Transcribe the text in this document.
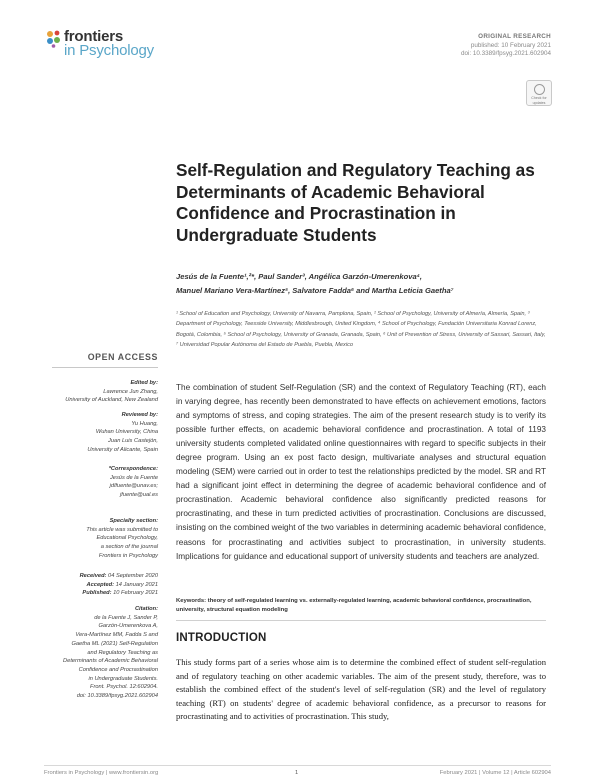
frontiers
in Psychology
ORIGINAL RESEARCH
published: 10 February 2021
doi: 10.3389/fpsyg.2021.602904
Check for
updates
Self-Regulation and Regulatory Teaching as Determinants of Academic Behavioral Confidence and Procrastination in Undergraduate Students
Jesús de la Fuente¹,²*, Paul Sander³, Angélica Garzón-Umerenkova⁴,
Manuel Mariano Vera-Martínez⁵, Salvatore Fadda⁶ and Martha Leticia Gaetha⁷
¹ School of Education and Psychology, University of Navarra, Pamplona, Spain, ² School of Psychology, University of Almería, Almería, Spain, ³ Department of Psychology, Teesside University, Middlesbrough, United Kingdom, ⁴ School of Psychology, Fundación Universitaria Konrad Lorenz, Bogotá, Colombia, ⁵ School of Psychology, University of Granada, Granada, Spain, ⁶ Unit of Prevention of Stress, University of Sassari, Sassari, Italy, ⁷ Universidad Popular Autónoma del Estado de Puebla, Puebla, Mexico
OPEN ACCESS
Edited by:
Lawrence Jun Zhang,
University of Auckland, New Zealand
Reviewed by:
Yu Huang,
Wuhan University, China
Juan Luis Castejón,
University of Alicante, Spain
*Correspondence:
Jesús de la Fuente
jdlfuente@unav.es;
jfuente@ual.es
Specialty section:
This article was submitted to
Educational Psychology,
a section of the journal
Frontiers in Psychology
Received: 04 September 2020
Accepted: 14 January 2021
Published: 10 February 2021
Citation:
de la Fuente J, Sander P,
Garzón-Umerenkova A,
Vera-Martínez MM, Fadda S and
Gaetha ML (2021) Self-Regulation
and Regulatory Teaching as
Determinants of Academic Behavioral
Confidence and Procrastination
in Undergraduate Students.
Front. Psychol. 12:602904.
doi: 10.3389/fpsyg.2021.602904
The combination of student Self-Regulation (SR) and the context of Regulatory Teaching (RT), each in varying degree, has recently been demonstrated to have effects on achievement emotions, factors and symptoms of stress, and coping strategies. The aim of the present research study is to verify its possible further effects, on academic behavioral confidence and procrastination. A total of 1193 university students completed validated online questionnaires with regard to specific subjects in their degree program. Using an ex post facto design, multivariate analyses and structural equation modeling (SEM) were carried out in order to test the relationships predicted by the model. SR and RT had a significant joint effect in determining the degree of academic behavioral confidence and of procrastination. Academic behavioral confidence also significantly predicted reasons for procrastinating, and these in turn predicted activities of procrastination. Conclusions are discussed, insisting on the combined weight of the two variables in determining academic behavioral confidence, reasons for procrastinating and activities subject to procrastination, in university students. Implications for guidance and educational support of university students and teachers are analyzed.
Keywords: theory of self-regulated learning vs. externally-regulated learning, academic behavioral confidence, procrastination, university, structural equation modeling
INTRODUCTION
This study forms part of a series whose aim is to determine the combined effect of student self-regulation and of regulatory teaching on other academic variables. The aim of the present study, therefore, was to establish the combined effect of the student's level of self-regulation (SR) and the level of regulatory teaching (RT) on students' degree of academic behavioral confidence, as a precursor to reasons for procrastinating and to activities of procrastination. This study,
Frontiers in Psychology | www.frontiersin.org	1	February 2021 | Volume 12 | Article 602904
